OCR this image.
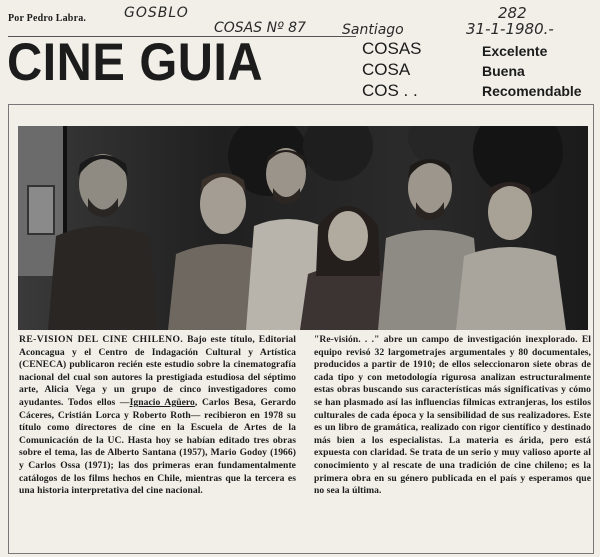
Por Pedro Labra.	GOSBLO
COSAS Nº 87	Santiago
282
31-1-1980.-
CINE GUIA	COSAS
COSA
COS . .
Excelente
Buena
Recomendable

RE-VISION DEL CINE CHILENO. Bajo este título, Editorial Aconcagua y el Centro de Indagación Cultural y Artística (CENECA) publicaron recién este estudio sobre la cinematografía nacional del cual son autores la prestigiada estudiosa del séptimo arte, Alicia Vega y un grupo de cinco investigadores como ayudantes. Todos ellos —Ignacio Agüero, Carlos Besa, Gerardo Cáceres, Cristián Lorca y Roberto Roth— recibieron en 1978 su título como directores de cine en la Escuela de Artes de la Comunicación de la UC. Hasta hoy se habían editado tres obras sobre el tema, las de Alberto Santana (1957), Mario Godoy (1966) y Carlos Ossa (1971); las dos primeras eran fundamentalmente catálogos de los films hechos en Chile, mientras que la tercera es una historia interpretativa del cine nacional.

"Re-visión. . ." abre un campo de investigación inexplorado. El equipo revisó 32 largometrajes argumentales y 80 documentales, producidos a partir de 1910; de ellos seleccionaron siete obras de cada tipo y con metodología rigurosa analizan estructuralmente estas obras buscando sus características más significativas y cómo se han plasmado así las influencias fílmicas extranjeras, los estilos culturales de cada época y la sensibilidad de sus realizadores. Este es un libro de gramática, realizado con rigor científico y destinado más bien a los especialistas. La materia es árida, pero está expuesta con claridad. Se trata de un serio y muy valioso aporte al conocimiento y al rescate de una tradición de cine chileno; es la primera obra en su género publicada en el país y esperamos que no sea la última.
